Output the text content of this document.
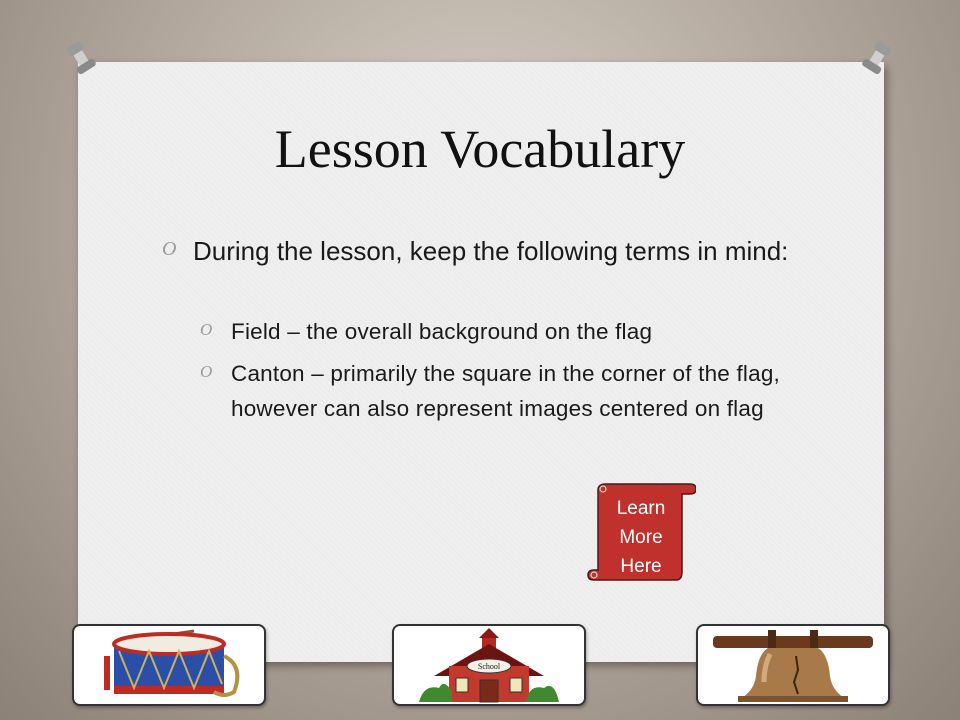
Lesson Vocabulary
O During the lesson, keep the following terms in mind:
O Field – the overall background on the flag
O Canton – primarily the square in the corner of the flag, however can also represent images centered on flag
Learn
More
Here
School
